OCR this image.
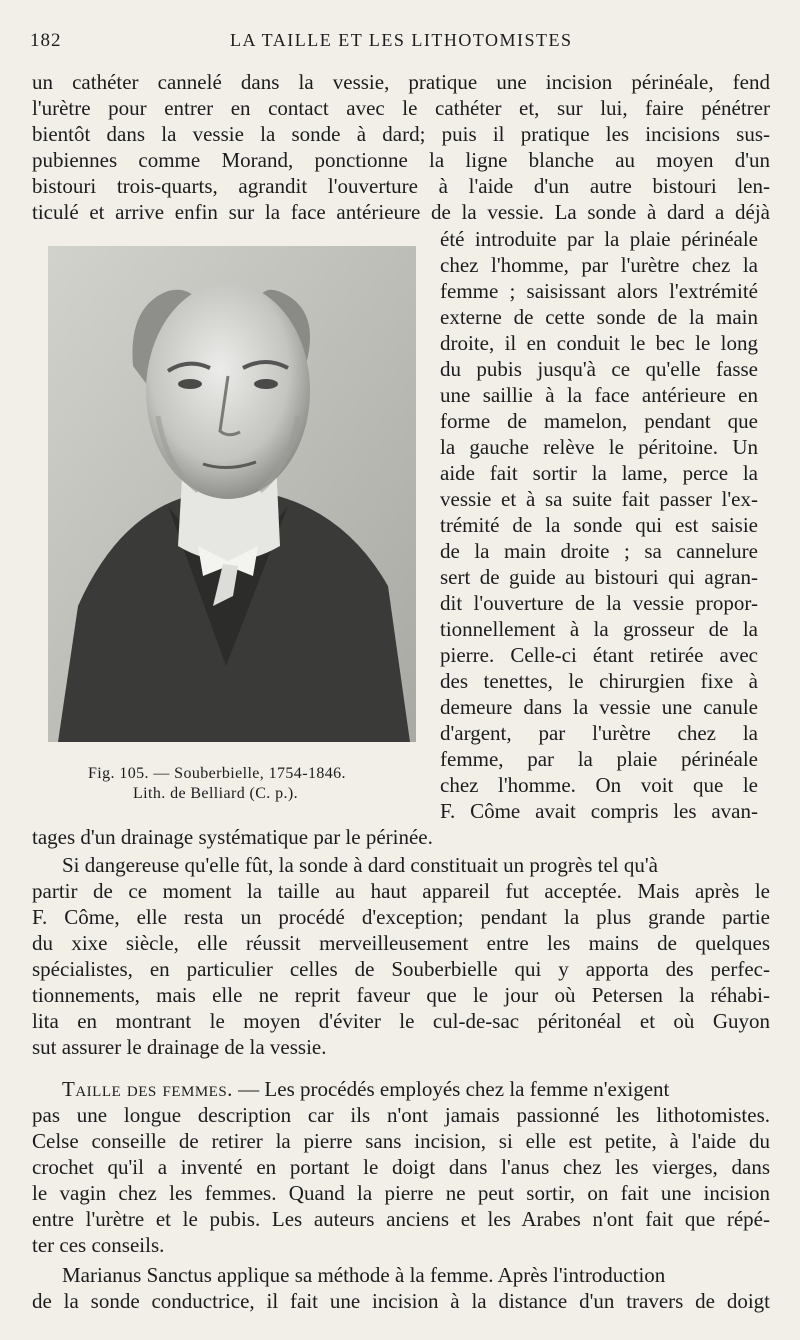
182	LA TAILLE ET LES LITHOTOMISTES
un cathéter cannelé dans la vessie, pratique une incision périnéale, fend
l'urètre pour entrer en contact avec le cathéter et, sur lui, faire pénétrer
bientôt dans la vessie la sonde à dard; puis il pratique les incisions sus-
pubiennes comme Morand, ponctionne la ligne blanche au moyen d'un
bistouri trois-quarts, agrandit l'ouverture à l'aide d'un autre bistouri len-
ticulé et arrive enfin sur la face antérieure de la vessie. La sonde à dard a déjà
Fig. 105. — Souberbielle, 1754-1846.
Lith. de Belliard (C. p.).
été introduite par la plaie périnéale
chez l'homme, par l'urètre chez la
femme ; saisissant alors l'extrémité
externe de cette sonde de la main
droite, il en conduit le bec le long
du pubis jusqu'à ce qu'elle fasse
une saillie à la face antérieure en
forme de mamelon, pendant que
la gauche relève le péritoine. Un
aide fait sortir la lame, perce la
vessie et à sa suite fait passer l'ex-
trémité de la sonde qui est saisie
de la main droite ; sa cannelure
sert de guide au bistouri qui agran-
dit l'ouverture de la vessie propor-
tionnellement à la grosseur de la
pierre. Celle-ci étant retirée avec
des tenettes, le chirurgien fixe à
demeure dans la vessie une canule
d'argent, par l'urètre chez la
femme, par la plaie périnéale
chez l'homme. On voit que le
F. Côme avait compris les avan-
tages d'un drainage systématique par le périnée.
Si dangereuse qu'elle fût, la sonde à dard constituait un progrès tel qu'à
partir de ce moment la taille au haut appareil fut acceptée. Mais après le
F. Côme, elle resta un procédé d'exception; pendant la plus grande partie
du xixe siècle, elle réussit merveilleusement entre les mains de quelques
spécialistes, en particulier celles de Souberbielle qui y apporta des perfec-
tionnements, mais elle ne reprit faveur que le jour où Petersen la réhabi-
lita en montrant le moyen d'éviter le cul-de-sac péritonéal et où Guyon
sut assurer le drainage de la vessie.
Taille des femmes. — Les procédés employés chez la femme n'exigent
pas une longue description car ils n'ont jamais passionné les lithotomistes.
Celse conseille de retirer la pierre sans incision, si elle est petite, à l'aide du
crochet qu'il a inventé en portant le doigt dans l'anus chez les vierges, dans
le vagin chez les femmes. Quand la pierre ne peut sortir, on fait une incision
entre l'urètre et le pubis. Les auteurs anciens et les Arabes n'ont fait que répé-
ter ces conseils.
Marianus Sanctus applique sa méthode à la femme. Après l'introduction
de la sonde conductrice, il fait une incision à la distance d'un travers de doigt
